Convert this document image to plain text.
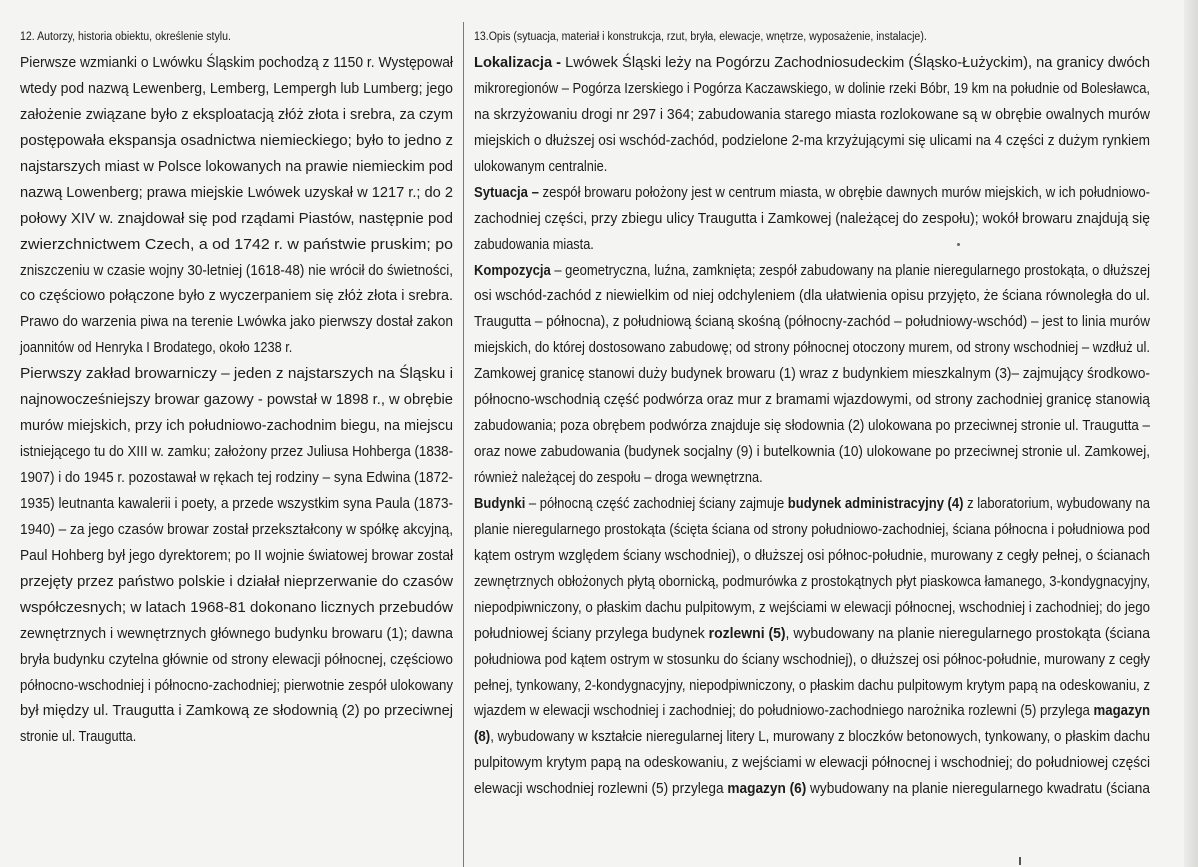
12. Autorzy, historia obiektu, określenie stylu.
Pierwsze wzmianki o Lwówku Śląskim pochodzą z 1150 r. Występował
wtedy pod nazwą Lewenberg, Lemberg, Lempergh lub Lumberg; jego
założenie związane było z eksploatacją złóż złota i srebra, za czym
postępowała ekspansja osadnictwa niemieckiego; było to jedno z
najstarszych miast w Polsce lokowanych na prawie niemieckim pod
nazwą Lowenberg; prawa miejskie Lwówek uzyskał w 1217 r.; do 2
połowy XIV w. znajdował się pod rządami Piastów, następnie pod
zwierzchnictwem Czech, a od 1742 r. w państwie pruskim; po
zniszczeniu w czasie wojny 30-letniej (1618-48) nie wrócił do świetności,
co częściowo połączone było z wyczerpaniem się złóż złota i srebra.
Prawo do warzenia piwa na terenie Lwówka jako pierwszy dostał zakon
joannitów od Henryka I Brodatego, około 1238 r.
Pierwszy zakład browarniczy – jeden z najstarszych na Śląsku i
najnowocześniejszy browar gazowy - powstał w 1898 r., w obrębie
murów miejskich, przy ich południowo-zachodnim biegu, na miejscu
istniejącego tu do XIII w. zamku; założony przez Juliusa Hohberga (1838-
1907) i do 1945 r. pozostawał w rękach tej rodziny – syna Edwina (1872-
1935) leutnanta kawalerii i poety, a przede wszystkim syna Paula (1873-
1940) – za jego czasów browar został przekształcony w spółkę akcyjną,
Paul Hohberg był jego dyrektorem; po II wojnie światowej browar został
przejęty przez państwo polskie i działał nieprzerwanie do czasów
współczesnych; w latach 1968-81 dokonano licznych przebudów
zewnętrznych i wewnętrznych głównego budynku browaru (1); dawna
bryła budynku czytelna głównie od strony elewacji północnej, częściowo
północno-wschodniej i północno-zachodniej; pierwotnie zespół ulokowany
był między ul. Traugutta i Zamkową ze słodownią (2) po przeciwnej
stronie ul. Traugutta.
13.Opis (sytuacja, materiał i konstrukcja, rzut, bryła, elewacje, wnętrze, wyposażenie, instalacje).
Lokalizacja - Lwówek Śląski leży na Pogórzu Zachodniosudeckim (Śląsko-Łużyckim), na granicy dwóch
mikroregionów – Pogórza Izerskiego i Pogórza Kaczawskiego, w dolinie rzeki Bóbr, 19 km na południe od Bolesławca,
na skrzyżowaniu drogi nr 297 i 364; zabudowania starego miasta rozlokowane są w obrębie owalnych murów
miejskich o dłuższej osi wschód-zachód, podzielone 2-ma krzyżującymi się ulicami na 4 części z dużym rynkiem
ulokowanym centralnie.
Sytuacja – zespół browaru położony jest w centrum miasta, w obrębie dawnych murów miejskich, w ich południowo-
zachodniej części, przy zbiegu ulicy Traugutta i Zamkowej (należącej do zespołu); wokół browaru znajdują się
zabudowania miasta.
Kompozycja – geometryczna, luźna, zamknięta; zespół zabudowany na planie nieregularnego prostokąta, o dłuższej
osi wschód-zachód z niewielkim od niej odchyleniem (dla ułatwienia opisu przyjęto, że ściana równoległa do ul.
Traugutta – północna), z południową ścianą skośną (północny-zachód – południowy-wschód) – jest to linia murów
miejskich, do której dostosowano zabudowę; od strony północnej otoczony murem, od strony wschodniej – wzdłuż ul.
Zamkowej granicę stanowi duży budynek browaru (1) wraz z budynkiem mieszkalnym (3)– zajmujący środkowo-
północno-wschodnią część podwórza oraz mur z bramami wjazdowymi, od strony zachodniej granicę stanowią
zabudowania; poza obrębem podwórza znajduje się słodownia (2) ulokowana po przeciwnej stronie ul. Traugutta –
oraz nowe zabudowania (budynek socjalny (9) i butelkownia (10) ulokowane po przeciwnej stronie ul. Zamkowej,
również należącej do zespołu – droga wewnętrzna.
Budynki – północną część zachodniej ściany zajmuje budynek administracyjny (4) z laboratorium, wybudowany na
planie nieregularnego prostokąta (ścięta ściana od strony południowo-zachodniej, ściana północna i południowa pod
kątem ostrym względem ściany wschodniej), o dłuższej osi północ-południe, murowany z cegły pełnej, o ścianach
zewnętrznych obłożonych płytą obornicką, podmurówka z prostokątnych płyt piaskowca łamanego, 3-kondygnacyjny,
niepodpiwniczony, o płaskim dachu pulpitowym, z wejściami w elewacji północnej, wschodniej i zachodniej; do jego
południowej ściany przylega budynek rozlewni (5), wybudowany na planie nieregularnego prostokąta (ściana
południowa pod kątem ostrym w stosunku do ściany wschodniej), o dłuższej osi północ-południe, murowany z cegły
pełnej, tynkowany, 2-kondygnacyjny, niepodpiwniczony, o płaskim dachu pulpitowym krytym papą na odeskowaniu, z
wjazdem w elewacji wschodniej i zachodniej; do południowo-zachodniego narożnika rozlewni (5) przylega magazyn
(8), wybudowany w kształcie nieregularnej litery L, murowany z bloczków betonowych, tynkowany, o płaskim dachu
pulpitowym krytym papą na odeskowaniu, z wejściami w elewacji północnej i wschodniej; do południowej części
elewacji wschodniej rozlewni (5) przylega magazyn (6) wybudowany na planie nieregularnego kwadratu (ściana
